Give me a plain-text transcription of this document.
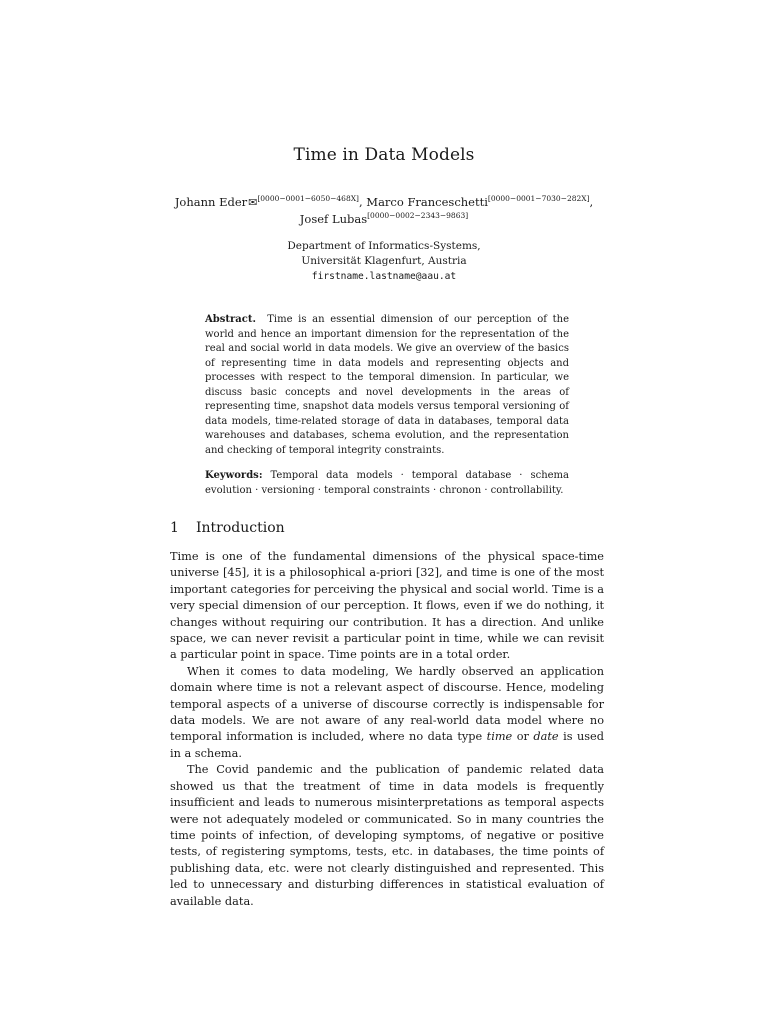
Time in Data Models
Johann Eder✉[0000−0001−6050−468X], Marco Franceschetti[0000−0001−7030−282X],
Josef Lubas[0000−0002−2343−9863]
Department of Informatics-Systems,
Universität Klagenfurt, Austria
firstname.lastname@aau.at
Abstract. Time is an essential dimension of our perception of the world and hence an important dimension for the representation of the real and social world in data models. We give an overview of the basics of representing time in data models and representing objects and processes with respect to the temporal dimension. In particular, we discuss basic concepts and novel developments in the areas of representing time, snapshot data models versus temporal versioning of data models, time-related storage of data in databases, temporal data warehouses and databases, schema evolution, and the representation and checking of temporal integrity constraints.
Keywords: Temporal data models · temporal database · schema evolution · versioning · temporal constraints · chronon · controllability.
1 Introduction

Time is one of the fundamental dimensions of the physical space-time universe [45], it is a philosophical a-priori [32], and time is one of the most important categories for perceiving the physical and social world. Time is a very special dimension of our perception. It flows, even if we do nothing, it changes without requiring our contribution. It has a direction. And unlike space, we can never revisit a particular point in time, while we can revisit a particular point in space. Time points are in a total order.

When it comes to data modeling, We hardly observed an application domain where time is not a relevant aspect of discourse. Hence, modeling temporal aspects of a universe of discourse correctly is indispensable for data models. We are not aware of any real-world data model where no temporal information is included, where no data type time or date is used in a schema.

The Covid pandemic and the publication of pandemic related data showed us that the treatment of time in data models is frequently insufficient and leads to numerous misinterpretations as temporal aspects were not adequately modeled or communicated. So in many countries the time points of infection, of developing symptoms, of negative or positive tests, of registering symptoms, tests, etc. in databases, the time points of publishing data, etc. were not clearly distinguished and represented. This led to unnecessary and disturbing differences in statistical evaluation of available data.
